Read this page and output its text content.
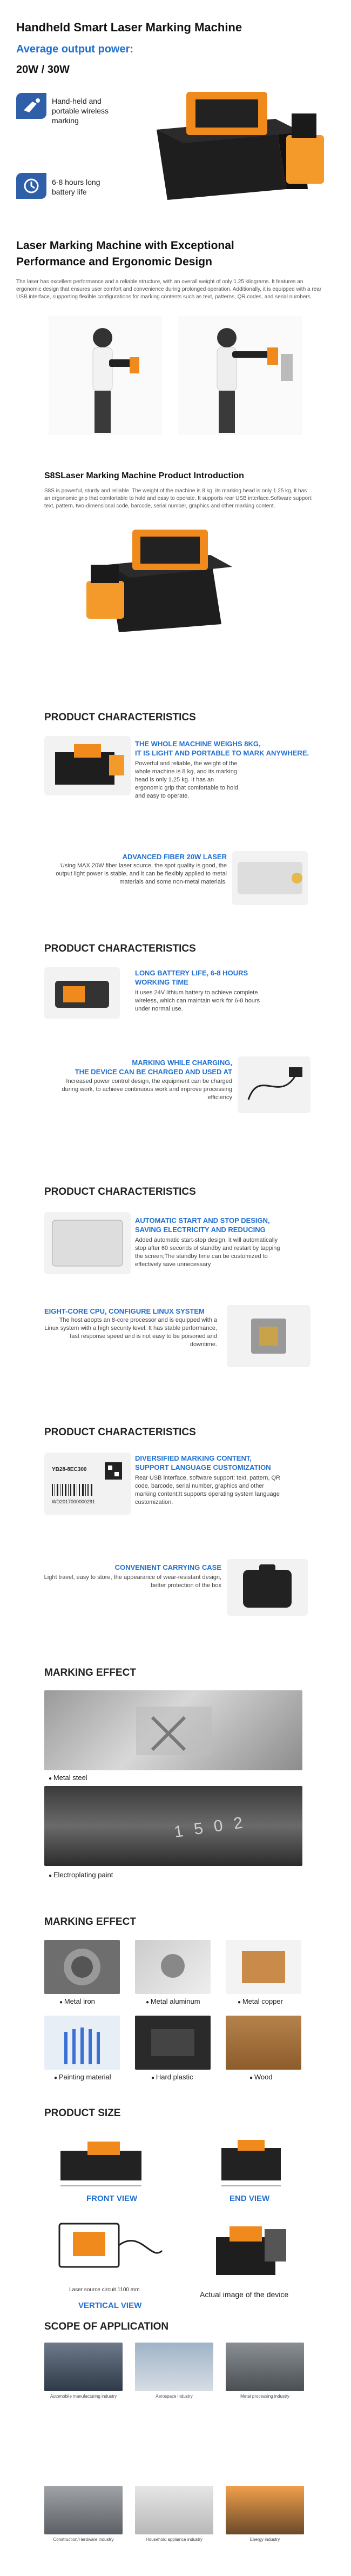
Handheld Smart Laser Marking Machine
Average output power:
20W / 30W
Hand-held and portable wireless marking
6-8 hours long battery life
Laser Marking Machine with Exceptional
Performance and Ergonomic Design
The laser has excellent performance and a reliable structure, with an overall weight of only 1.25 kilograms. It features an ergonomic design that ensures user comfort and convenience during prolonged operation. Additionally, it is equipped with a rear USB interface, supporting flexible configurations for marking contents such as text, patterns, QR codes, and serial numbers.
S8SLaser Marking Machine Product Introduction
S8S is powerful, sturdy and reliable. The weight of the machine is 8 kg, its marking head is only 1.25 kg, it has an ergonomic grip that comfortable to hold and easy to operate. It supports rear USB interface.Software support: text, pattern, two-dimensional code, barcode, serial number, graphics and other marking content.
PRODUCT CHARACTERISTICS
THE WHOLE MACHINE WEIGHS 8KG,
IT IS LIGHT AND PORTABLE TO MARK ANYWHERE.
Powerful and reliable, the weight of the whole machine is 8 kg, and its marking head is only 1.25 kg. It has an ergonomic grip that comfortable to hold and easy to operate.
ADVANCED FIBER 20W LASER
Using MAX 20W fiber laser source, the spot quality is good, the output light power is stable, and it can be flexibly applied to metal materials and some non-metal materials.
PRODUCT CHARACTERISTICS
LONG BATTERY LIFE, 6-8 HOURS
WORKING TIME
It uses 24V lithium battery to achieve complete wireless, which can maintain work for 6-8 hours under normal use.
MARKING WHILE CHARGING,
THE DEVICE CAN BE CHARGED AND USED AT
Increased power control design, the equipment can be charged during work, to achieve continuous work and improve processing efficiency
PRODUCT CHARACTERISTICS
AUTOMATIC START AND STOP DESIGN,
SAVING ELECTRICITY AND REDUCING
Added automatic start-stop design, it will automatically stop after 60 seconds of standby and restart by tapping the screen;The standby time can be customized to effectively save unnecessary
EIGHT-CORE CPU, CONFIGURE LINUX SYSTEM
The host adopts an 8-core processor and is equipped with a Linux system with a high security level. It has stable performance, fast response speed and is not easy to be poisoned and downtime.
PRODUCT CHARACTERISTICS
YB28-8EC300
WD2017000000291
DIVERSIFIED MARKING CONTENT,
SUPPORT LANGUAGE CUSTOMIZATION
Rear USB interface, software support: text, pattern, QR code, barcode, serial number, graphics and other marking content;It supports operating system language customization.
CONVENIENT CARRYING CASE
Light travel, easy to store, the appearance of wear-resistant design, better protection of the box
MARKING EFFECT
● Metal steel
1 5 0 2
● Electroplating paint
MARKING EFFECT
● Metal iron	● Metal aluminum	● Metal copper
● Painting material	● Hard plastic	● Wood
PRODUCT SIZE
FRONT VIEW	END VIEW
Laser source circuit 1100 mm
Actual image of the device
VERTICAL VIEW
SCOPE OF APPLICATION
Automobile manufacturing industry	Aerospace industry	Metal processing industry
Construction/Hardware industry	Household appliance industry	Energy industry
